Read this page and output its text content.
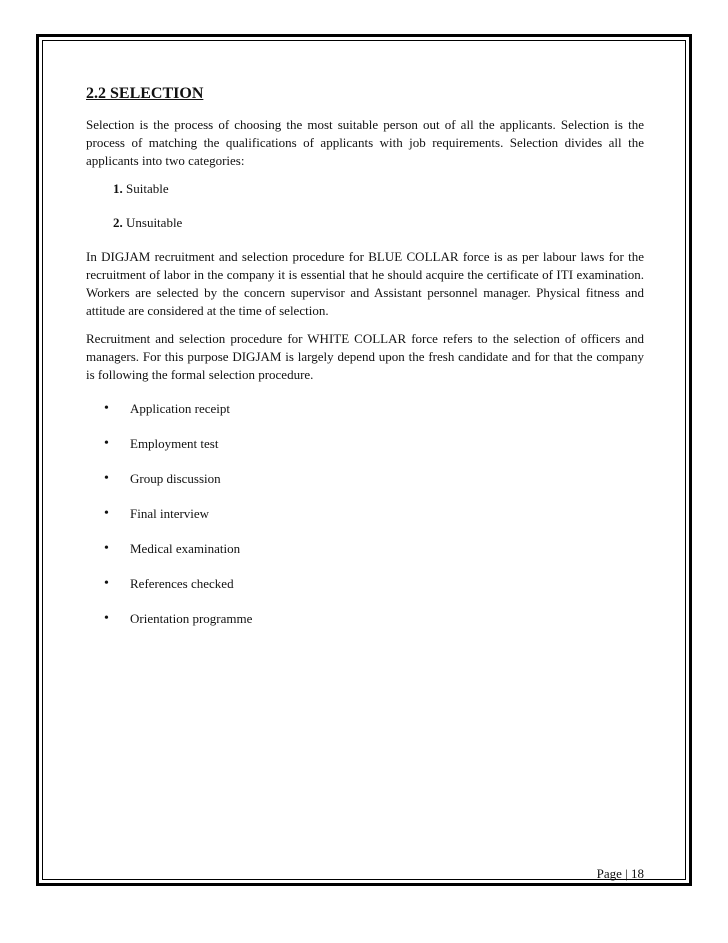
2.2 SELECTION

Selection is the process of choosing the most suitable person out of all the applicants. Selection is the process of matching the qualifications of applicants with job requirements. Selection divides all the applicants into two categories:

1. Suitable
2. Unsuitable

In DIGJAM recruitment and selection procedure for BLUE COLLAR force is as per labour laws for the recruitment of labor in the company it is essential that he should acquire the certificate of ITI examination. Workers are selected by the concern supervisor and Assistant personnel manager. Physical fitness and attitude are considered at the time of selection.

Recruitment and selection procedure for WHITE COLLAR force refers to the selection of officers and managers. For this purpose DIGJAM is largely depend upon the fresh candidate and for that the company is following the formal selection procedure.

• Application receipt
• Employment test
• Group discussion
• Final interview
• Medical examination
• References checked
• Orientation programme
Page | 18
